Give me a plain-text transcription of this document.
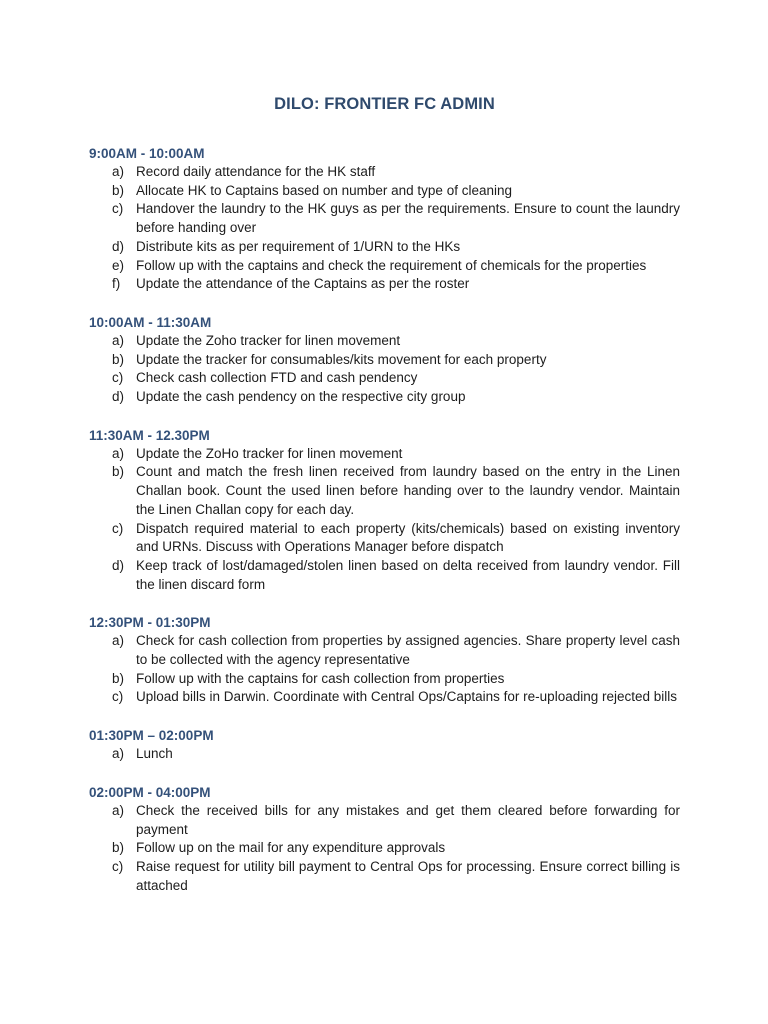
DILO: FRONTIER FC ADMIN
9:00AM - 10:00AM
a) Record daily attendance for the HK staff
b) Allocate HK to Captains based on number and type of cleaning
c) Handover the laundry to the HK guys as per the requirements. Ensure to count the laundry before handing over
d) Distribute kits as per requirement of 1/URN to the HKs
e) Follow up with the captains and check the requirement of chemicals for the properties
f)	Update the attendance of the Captains as per the roster
10:00AM - 11:30AM
a) Update the Zoho tracker for linen movement
b) Update the tracker for consumables/kits movement for each property
c) Check cash collection FTD and cash pendency
d) Update the cash pendency on the respective city group
11:30AM - 12.30PM
a) Update the ZoHo tracker for linen movement
b) Count and match the fresh linen received from laundry based on the entry in the Linen Challan book. Count the used linen before handing over to the laundry vendor. Maintain the Linen Challan copy for each day.
c) Dispatch required material to each property (kits/chemicals) based on existing inventory and URNs. Discuss with Operations Manager before dispatch
d) Keep track of lost/damaged/stolen linen based on delta received from laundry vendor. Fill the linen discard form
12:30PM - 01:30PM
a) Check for cash collection from properties by assigned agencies. Share property level cash to be collected with the agency representative
b) Follow up with the captains for cash collection from properties
c) Upload bills in Darwin. Coordinate with Central Ops/Captains for re-uploading rejected bills
01:30PM – 02:00PM
a) Lunch
02:00PM - 04:00PM
a) Check the received bills for any mistakes and get them cleared before forwarding for payment
b) Follow up on the mail for any expenditure approvals
c) Raise request for utility bill payment to Central Ops for processing. Ensure correct billing is attached
